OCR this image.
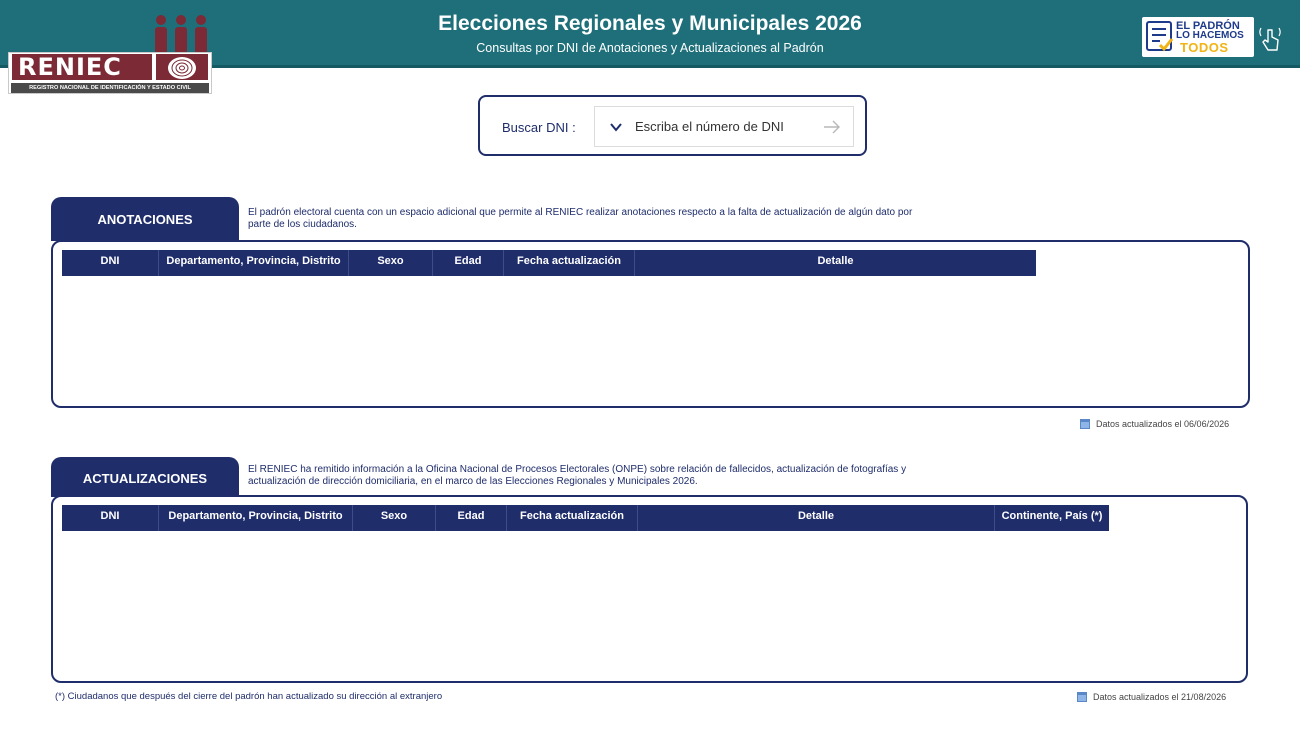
Elecciones Regionales y Municipales 2026
Consultas por DNI de Anotaciones y Actualizaciones al Padrón
RENIEC
REGISTRO NACIONAL DE IDENTIFICACIÓN Y ESTADO CIVIL
EL PADRÓN
LO HACEMOS
TODOS
Buscar DNI :
Escriba el número de DNI
ANOTACIONES	El padrón electoral cuenta con un espacio adicional que permite al RENIEC realizar anotaciones respecto a la falta de actualización de algún dato por parte de los ciudadanos.
DNI	Departamento, Provincia, Distrito	Sexo	Edad	Fecha actualización	Detalle
Datos actualizados el 06/06/2026
ACTUALIZACIONES
El RENIEC ha remitido información a la Oficina Nacional de Procesos Electorales (ONPE) sobre relación de fallecidos, actualización de fotografías y actualización de dirección domiciliaria, en el marco de las Elecciones Regionales y Municipales 2026.
DNI	Departamento, Provincia, Distrito	Sexo	Edad	Fecha actualización	Detalle	Continente, País (*)
(*) Ciudadanos que después del cierre del padrón han actualizado su dirección al extranjero	Datos actualizados el 21/08/2026
